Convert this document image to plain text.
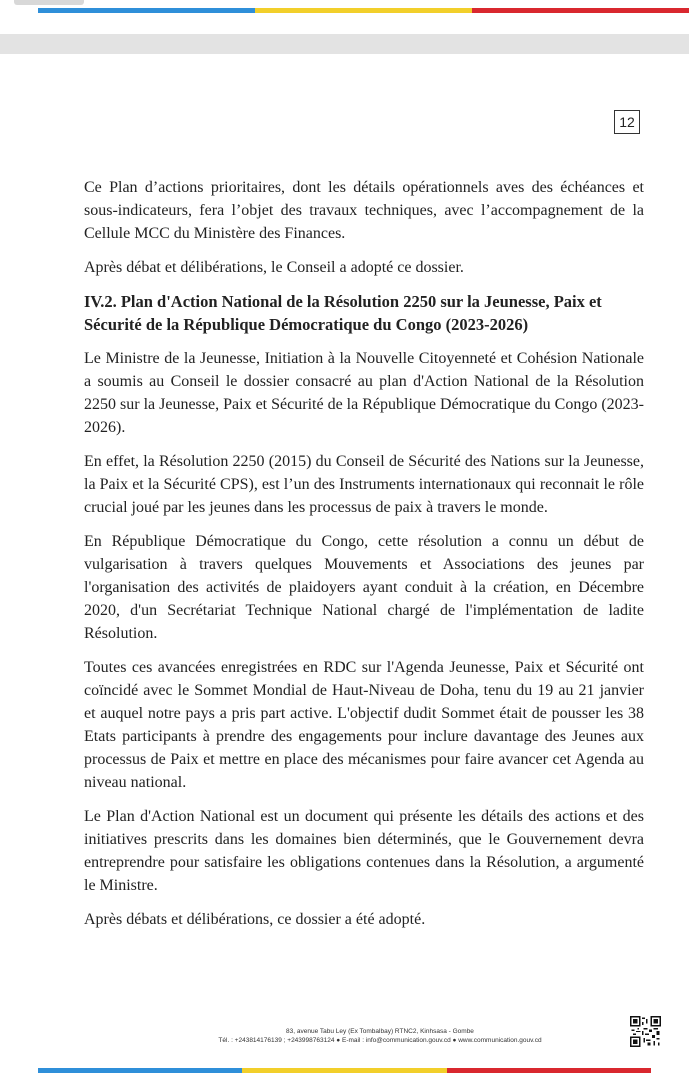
12

Ce Plan d’actions prioritaires, dont les détails opérationnels aves des échéances et sous-indicateurs, fera l’objet des travaux techniques, avec l’accompagnement de la Cellule MCC du Ministère des Finances.

Après débat et délibérations, le Conseil a adopté ce dossier.

IV.2. Plan d'Action National de la Résolution 2250 sur la Jeunesse, Paix et Sécurité de la République Démocratique du Congo (2023-2026)

Le Ministre de la Jeunesse, Initiation à la Nouvelle Citoyenneté et Cohésion Nationale a soumis au Conseil le dossier consacré au plan d'Action National de la Résolution 2250 sur la Jeunesse, Paix et Sécurité de la République Démocratique du Congo (2023-2026).

En effet, la Résolution 2250 (2015) du Conseil de Sécurité des Nations sur la Jeunesse, la Paix et la Sécurité CPS), est l’un des Instruments internationaux qui reconnait le rôle crucial joué par les jeunes dans les processus de paix à travers le monde.

En République Démocratique du Congo, cette résolution a connu un début de vulgarisation à travers quelques Mouvements et Associations des jeunes par l'organisation des activités de plaidoyers ayant conduit à la création, en Décembre 2020, d'un Secrétariat Technique National chargé de l'implémentation de ladite Résolution.

Toutes ces avancées enregistrées en RDC sur l'Agenda Jeunesse, Paix et Sécurité ont coïncidé avec le Sommet Mondial de Haut-Niveau de Doha, tenu du 19 au 21 janvier et auquel notre pays a pris part active. L'objectif dudit Sommet était de pousser les 38 Etats participants à prendre des engagements pour inclure davantage des Jeunes aux processus de Paix et mettre en place des mécanismes pour faire avancer cet Agenda au niveau national.

Le Plan d'Action National est un document qui présente les détails des actions et des initiatives prescrits dans les domaines bien déterminés, que le Gouvernement devra entreprendre pour satisfaire les obligations contenues dans la Résolution, a argumenté le Ministre.

Après débats et délibérations, ce dossier a été adopté.

83, avenue Tabu Ley (Ex Tombalbay) RTNC2, Kinhsasa - Gombe
Tél. : +243814176139 ; +243998763124 ● E-mail : info@communication.gouv.cd ● www.communication.gouv.cd
